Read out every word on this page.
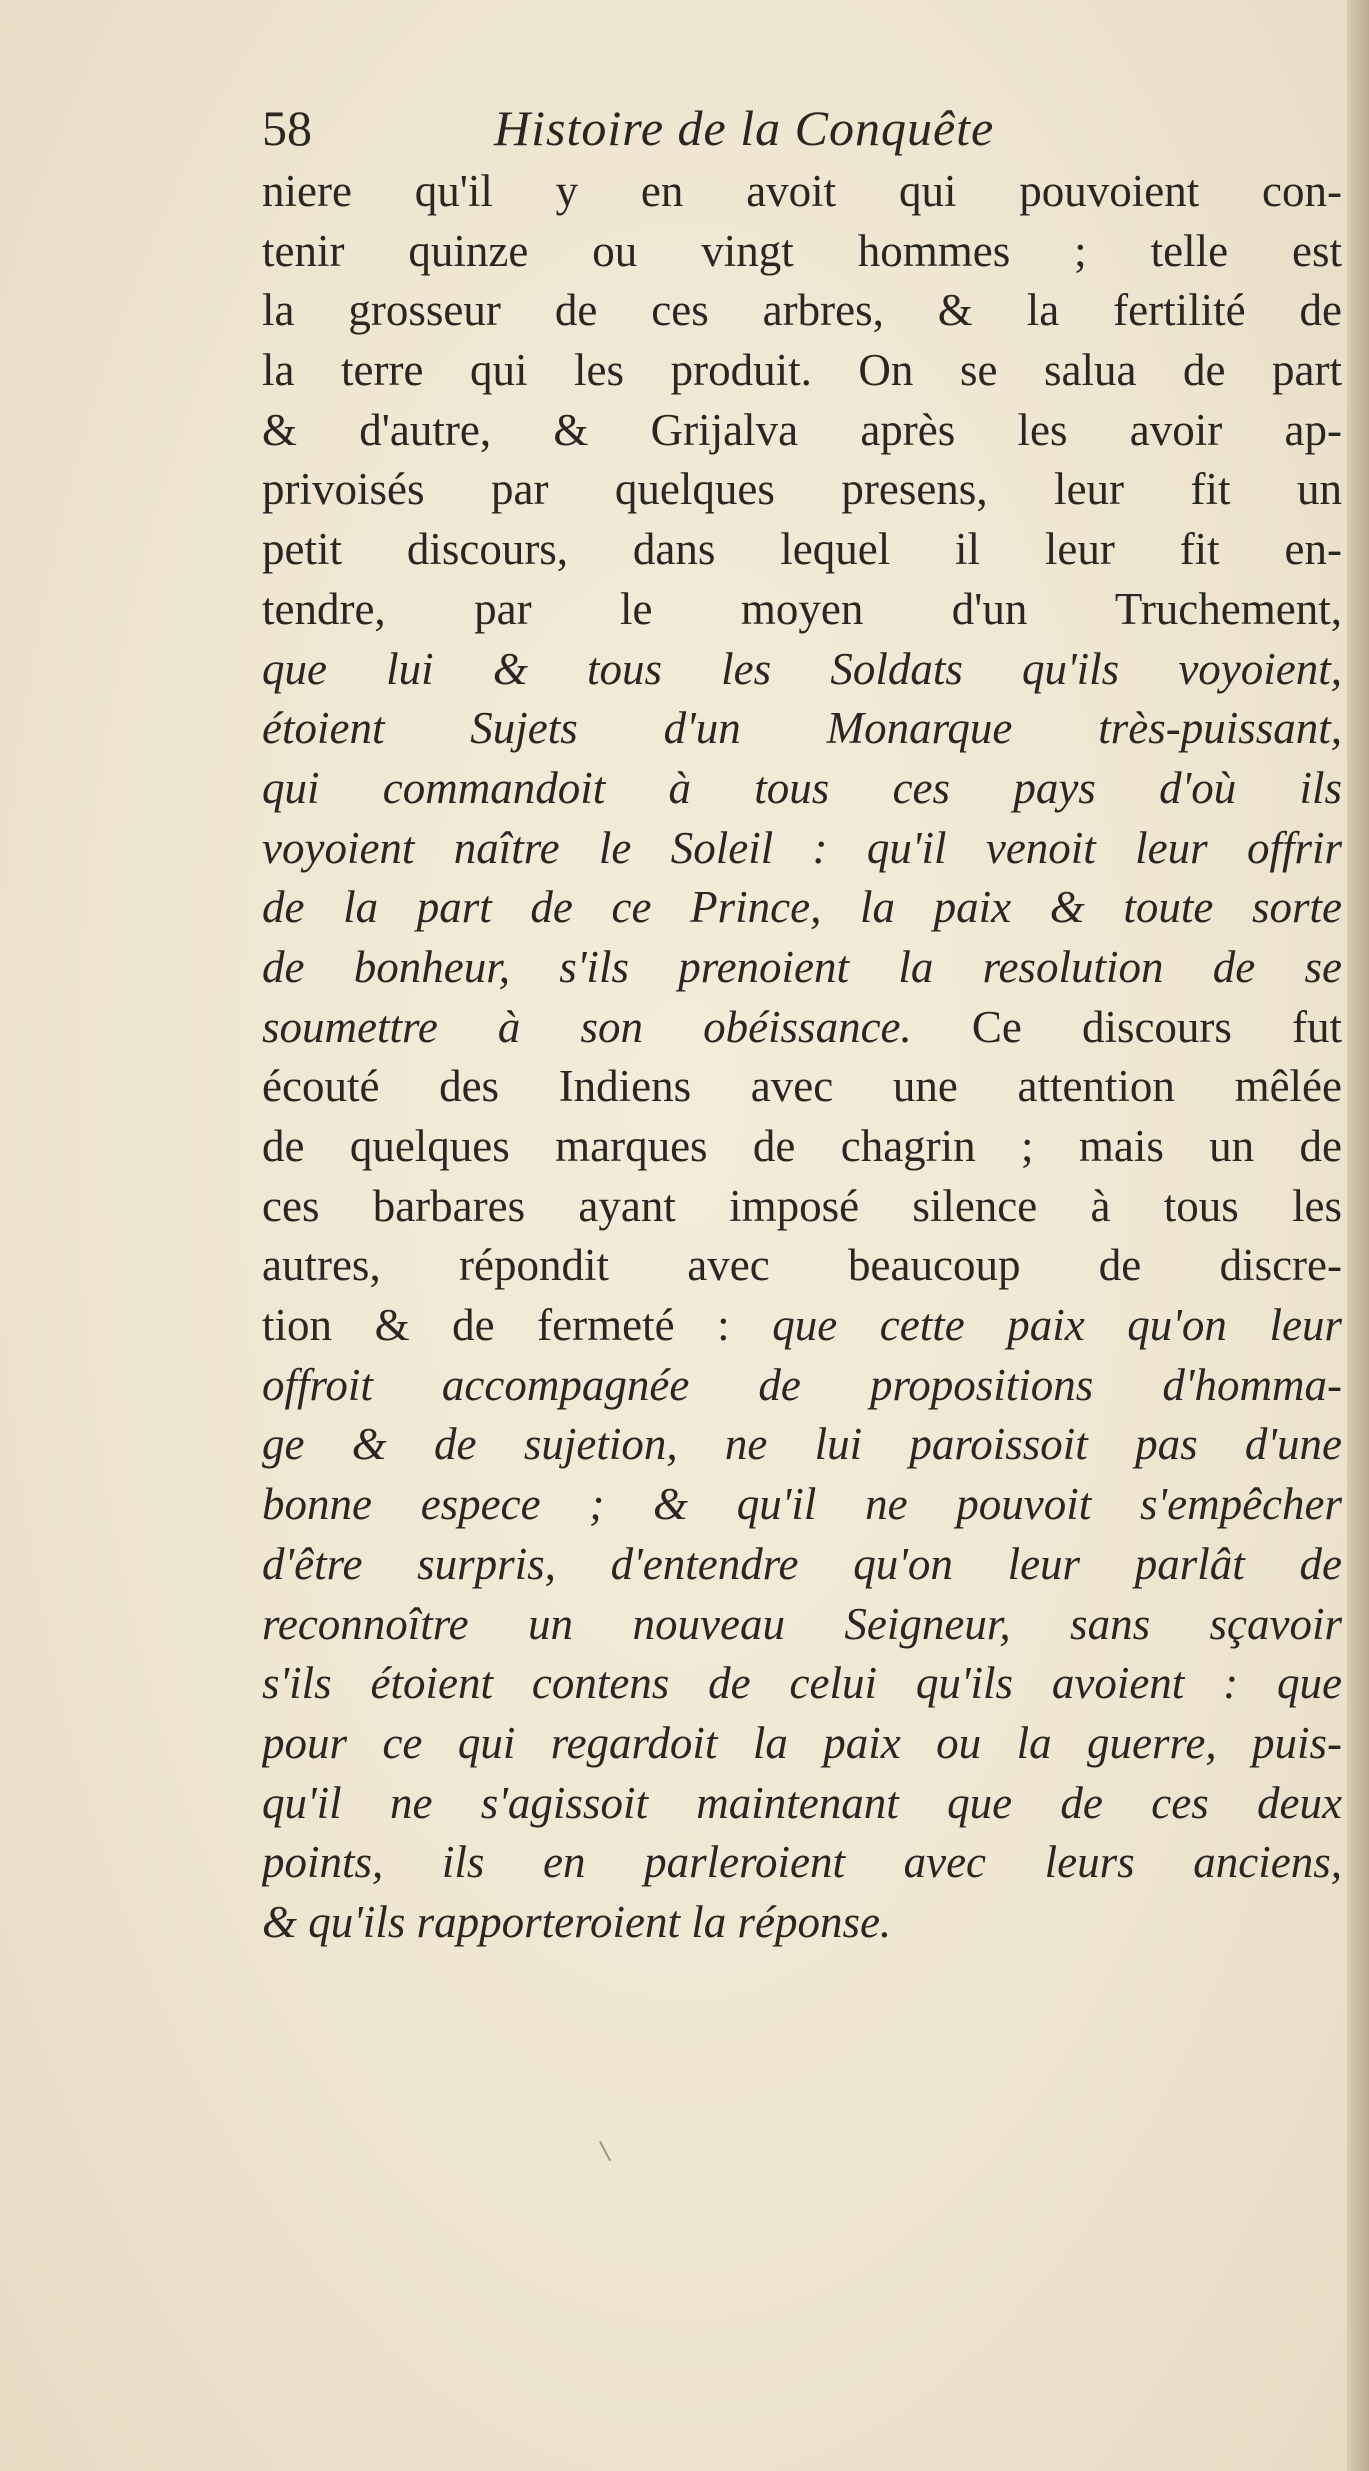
58	Histoire de la Conquête
niere qu'il y en avoit qui pouvoient con-
tenir quinze ou vingt hommes ; telle est
la grosseur de ces arbres, & la fertilité de
la terre qui les produit. On se salua de part
& d'autre, & Grijalva après les avoir ap-
privoisés par quelques presens, leur fit un
petit discours, dans lequel il leur fit en-
tendre, par le moyen d'un Truchement,
que lui & tous les Soldats qu'ils voyoient,
étoient Sujets d'un Monarque très-puissant,
qui commandoit à tous ces pays d'où ils
voyoient naître le Soleil : qu'il venoit leur offrir
de la part de ce Prince, la paix & toute sorte
de bonheur, s'ils prenoient la resolution de se
soumettre à son obéissance. Ce discours fut
écouté des Indiens avec une attention mêlée
de quelques marques de chagrin ; mais un de
ces barbares ayant imposé silence à tous les
autres, répondit avec beaucoup de discre-
tion & de fermeté : que cette paix qu'on leur
offroit accompagnée de propositions d'homma-
ge & de sujetion, ne lui paroissoit pas d'une
bonne espece ; & qu'il ne pouvoit s'empêcher
d'être surpris, d'entendre qu'on leur parlât de
reconnoître un nouveau Seigneur, sans sçavoir
s'ils étoient contens de celui qu'ils avoient : que
pour ce qui regardoit la paix ou la guerre, puis-
qu'il ne s'agissoit maintenant que de ces deux
points, ils en parleroient avec leurs anciens,
& qu'ils rapporteroient la réponse.
